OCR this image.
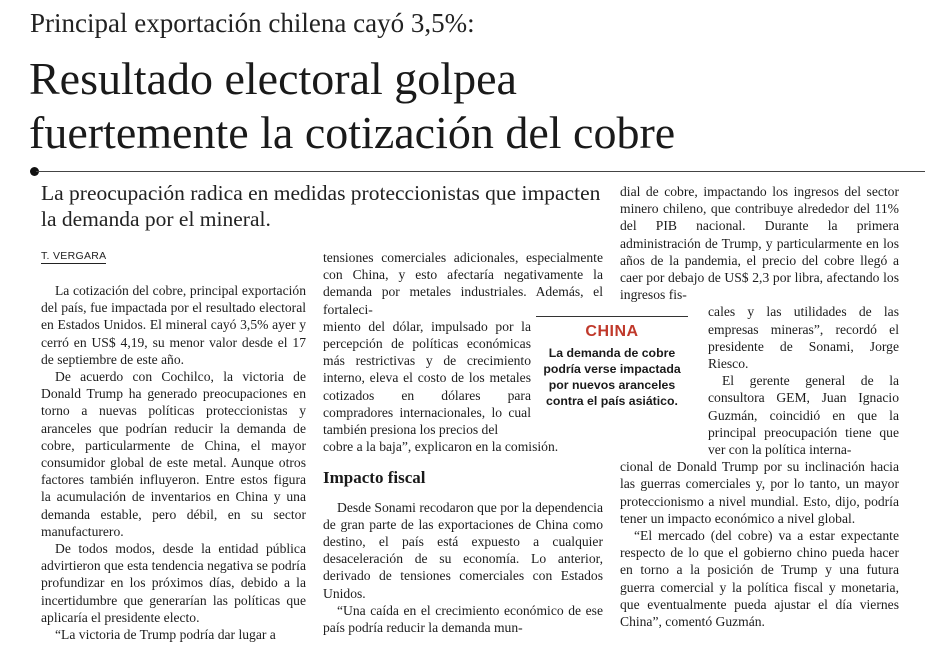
Principal exportación chilena cayó 3,5%:
Resultado electoral golpea
fuertemente la cotización del cobre
La preocupación radica en medidas proteccionistas que impacten la demanda por el mineral.
T. VERGARA

La cotización del cobre, principal exportación del país, fue impactada por el resultado electoral en Estados Unidos. El mineral cayó 3,5% ayer y cerró en US$ 4,19, su menor valor desde el 17 de septiembre de este año.

De acuerdo con Cochilco, la victoria de Donald Trump ha generado preocupaciones en torno a nuevas políticas proteccionistas y aranceles que podrían reducir la demanda de cobre, particularmente de China, el mayor consumidor global de este metal. Aunque otros factores también influyeron. Entre estos figura la acumulación de inventarios en China y una demanda estable, pero débil, en su sector manufacturero.

De todos modos, desde la entidad pública advirtieron que esta tendencia negativa se podría profundizar en los próximos días, debido a la incertidumbre que generarían las políticas que aplicaría el presidente electo.

“La victoria de Trump podría dar lugar a

tensiones comerciales adicionales, especialmente con China, y esto afectaría negativamente la demanda por metales industriales. Además, el fortaleci-

miento del dólar, impulsado por la percepción de políticas económicas más restrictivas y de crecimiento interno, eleva el costo de los metales cotizados en dólares para compradores internacionales, lo cual también presiona los precios del

cobre a la baja”, explicaron en la comisión.

Impacto fiscal

Desde Sonami recodaron que por la dependencia de gran parte de las exportaciones de China como destino, el país está expuesto a cualquier desaceleración de su economía. Lo anterior, derivado de tensiones comerciales con Estados Unidos.

“Una caída en el crecimiento económico de ese país podría reducir la demanda mun-

dial de cobre, impactando los ingresos del sector minero chileno, que contribuye alrededor del 11% del PIB nacional. Durante la primera administración de Trump, y particularmente en los años de la pandemia, el precio del cobre llegó a caer por debajo de US$ 2,3 por libra, afectando los ingresos fis-

cales y las utilidades de las empresas mineras”, recordó el presidente de Sonami, Jorge Riesco.

El gerente general de la consultora GEM, Juan Ignacio Guzmán, coincidió en que la principal preocupación tiene que ver con la política interna-

cional de Donald Trump por su inclinación hacia las guerras comerciales y, por lo tanto, un mayor proteccionismo a nivel mundial. Esto, dijo, podría tener un impacto económico a nivel global.

“El mercado (del cobre) va a estar expectante respecto de lo que el gobierno chino pueda hacer en torno a la posición de Trump y una futura guerra comercial y la política fiscal y monetaria, que eventualmente pueda ajustar el día viernes China”, comentó Guzmán.

CHINA
La demanda de cobre podría verse impactada por nuevos aranceles contra el país asiático.
